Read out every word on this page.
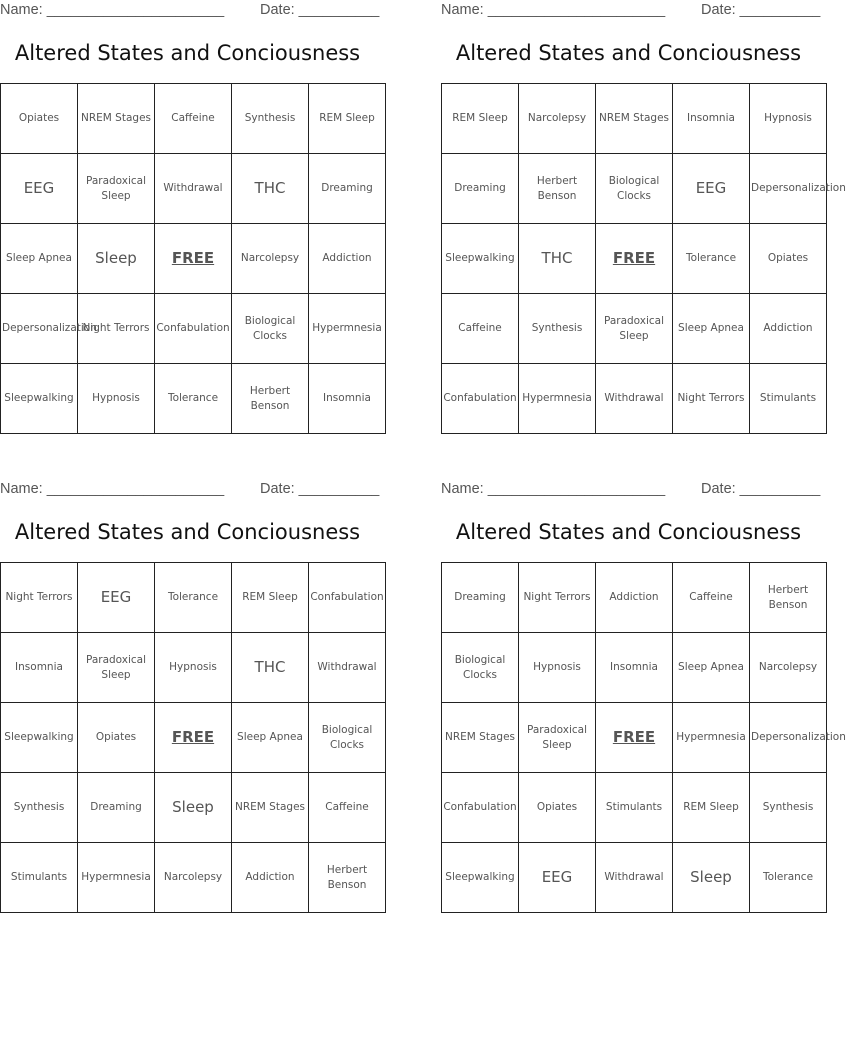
Name: ______________________ Date: __________
Altered States and Conciousness
Opiates	NREM Stages	Caffeine	Synthesis	REM Sleep
EEG	Paradoxical Sleep	Withdrawal	THC	Dreaming
Sleep Apnea	Sleep	FREE	Narcolepsy	Addiction
Depersonalization	Night Terrors	Confabulation	Biological Clocks	Hypermnesia
Sleepwalking	Hypnosis	Tolerance	Herbert Benson	Insomnia
Name: ______________________ Date: __________
Altered States and Conciousness
REM Sleep	Narcolepsy	NREM Stages	Insomnia	Hypnosis
Dreaming	Herbert Benson	Biological Clocks	EEG	Depersonalization
Sleepwalking	THC	FREE	Tolerance	Opiates
Caffeine	Synthesis	Paradoxical Sleep	Sleep Apnea	Addiction
Confabulation	Hypermnesia	Withdrawal	Night Terrors	Stimulants
Name: ______________________ Date: __________
Altered States and Conciousness
Night Terrors	EEG	Tolerance	REM Sleep	Confabulation
Insomnia	Paradoxical Sleep	Hypnosis	THC	Withdrawal
Sleepwalking	Opiates	FREE	Sleep Apnea	Biological Clocks
Synthesis	Dreaming	Sleep	NREM Stages	Caffeine
Stimulants	Hypermnesia	Narcolepsy	Addiction	Herbert Benson
Name: ______________________ Date: __________
Altered States and Conciousness
Dreaming	Night Terrors	Addiction	Caffeine	Herbert Benson
Biological Clocks	Hypnosis	Insomnia	Sleep Apnea	Narcolepsy
NREM Stages	Paradoxical Sleep	FREE	Hypermnesia	Depersonalization
Confabulation	Opiates	Stimulants	REM Sleep	Synthesis
Sleepwalking	EEG	Withdrawal	Sleep	Tolerance
